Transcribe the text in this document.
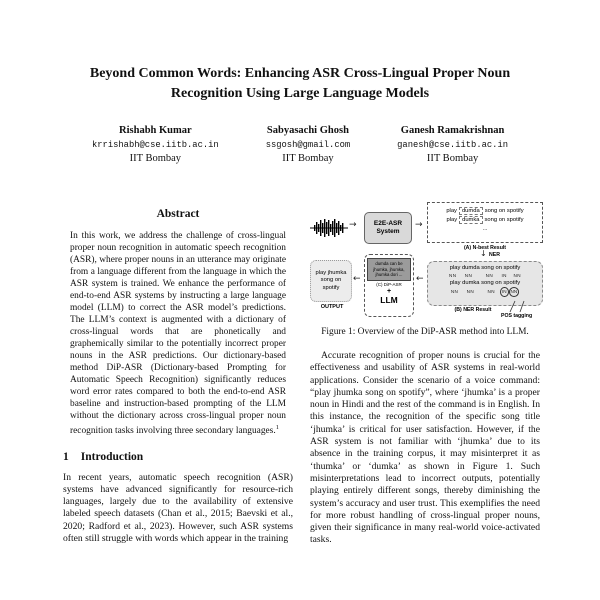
Beyond Common Words: Enhancing ASR Cross-Lingual Proper Noun
Recognition Using Large Language Models
Rishabh Kumar
krrishabh@cse.iitb.ac.in
IIT Bombay
Sabyasachi Ghosh
ssgosh@gmail.com
IIT Bombay
Ganesh Ramakrishnan
ganesh@cse.iitb.ac.in
IIT Bombay
Abstract
In this work, we address the challenge of cross-lingual proper noun recognition in automatic speech recognition (ASR), where proper nouns in an utterance may originate from a language different from the language in which the ASR system is trained. We enhance the performance of end-to-end ASR systems by instructing a large language model (LLM) to correct the ASR model’s predictions. The LLM’s context is augmented with a dictionary of cross-lingual words that are phonetically and graphemically similar to the potentially incorrect proper nouns in the ASR predictions. Our dictionary-based method DiP-ASR (Dictionary-based Prompting for Automatic Speech Recognition) significantly reduces word error rates compared to both the end-to-end ASR baseline and instruction-based prompting of the LLM without the dictionary across cross-lingual proper noun recognition tasks involving three secondary languages.$^1$
1 Introduction
In recent years, automatic speech recognition (ASR) systems have advanced significantly for resource-rich languages, largely due to the availability of extensive labeled speech datasets (Chan et al., 2015; Baevski et al., 2020; Radford et al., 2023). However, such ASR systems often still struggle with words which appear in the training
→	E2E-ASR
System
→
play dumda song on spotify
play dumka song on spotify
...
(A) N-best Result
↓ NER
play dumda song on spotify
NN     NN        NN     IN    NN
play dumka song on spotify
NN     NN        NN   IN NN
(B) NER Result
POS tagging
←
dumda can be jhumka, jhumka, jhumka dori ...
(C) DiP-ASR
+
LLM
←
play jhumka song on spotify
OUTPUT
Figure 1: Overview of the DiP-ASR method into LLM.
Accurate recognition of proper nouns is crucial for the effectiveness and usability of ASR systems in real-world applications. Consider the scenario of a voice command: “play jhumka song on spotify”, where ‘jhumka’ is a proper noun in Hindi and the rest of the command is in English. In this instance, the recognition of the specific song title ‘jhumka’ is critical for user satisfaction. However, if the ASR system is not familiar with ‘jhumka’ due to its absence in the training corpus, it may misinterpret it as ‘thumka’ or ‘dumka’ as shown in Figure 1. Such misinterpretations lead to incorrect outputs, potentially playing entirely different songs, thereby diminishing the system’s accuracy and user trust. This exemplifies the need for more robust handling of cross-lingual proper nouns, given their significance in many real-world voice-activated tasks.
